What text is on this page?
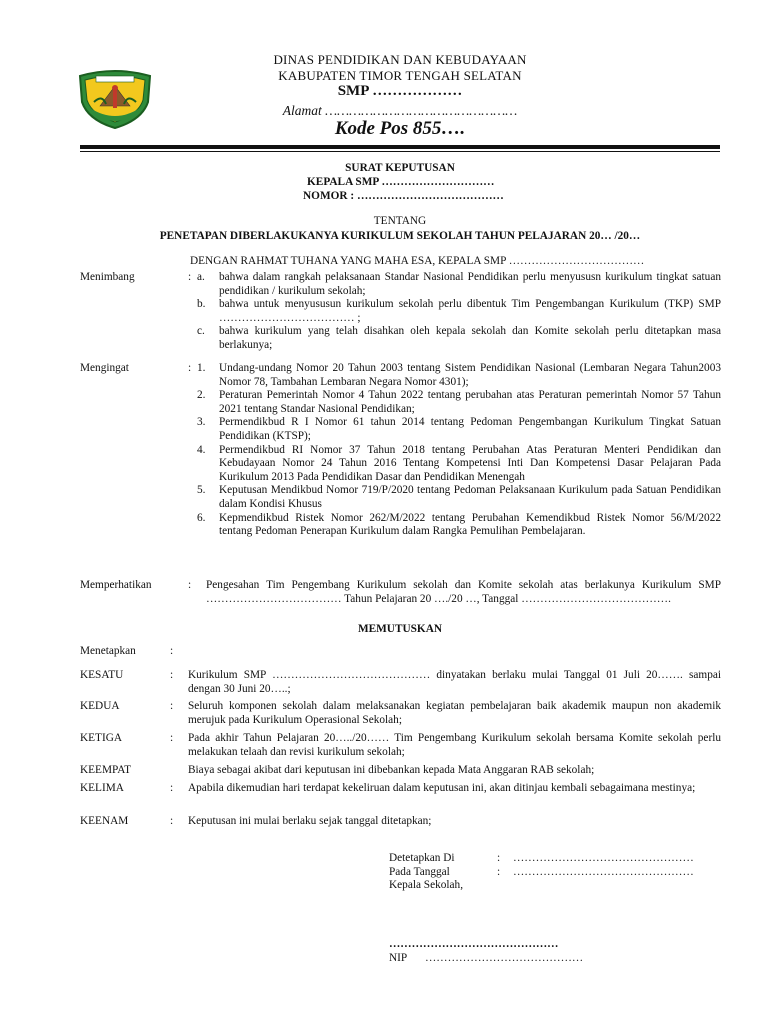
DINAS PENDIDIKAN DAN KEBUDAYAAN
KABUPATEN TIMOR TENGAH SELATAN
SMP ………………
Alamat …………………………………………
Kode Pos 855….
SURAT KEPUTUSAN
KEPALA SMP …………………………
NOMOR : …………………………………
TENTANG
PENETAPAN DIBERLAKUKANYA KURIKULUM SEKOLAH TAHUN PELAJARAN 20… /20…
DENGAN RAHMAT TUHANA YANG MAHA ESA, KEPALA SMP ………………………………
Menimbang	: a. bahwa dalam rangkah pelaksanaan Standar Nasional Pendidikan perlu menyususn kurikulum tingkat satuan pendidikan / kurikulum sekolah;
b. bahwa untuk menyususun kurikulum sekolah perlu dibentuk Tim Pengembangan Kurikulum (TKP) SMP ……………………………… ;
c. bahwa kurikulum yang telah disahkan oleh kepala sekolah dan Komite sekolah perlu ditetapkan masa berlakunya;
Mengingat	: 1. Undang-undang Nomor 20 Tahun 2003 tentang Sistem Pendidikan Nasional (Lembaran Negara Tahun2003 Nomor 78, Tambahan Lembaran Negara Nomor 4301);
2. Peraturan Pemerintah Nomor 4 Tahun 2022 tentang perubahan atas Peraturan pemerintah Nomor 57 Tahun 2021 tentang Standar Nasional Pendidikan;
3. Permendikbud R I Nomor 61 tahun 2014 tentang Pedoman Pengembangan Kurikulum Tingkat Satuan Pendidikan (KTSP);
4. Permendikbud RI Nomor 37 Tahun 2018 tentang Perubahan Atas Peraturan Menteri Pendidikan dan Kebudayaan Nomor 24 Tahun 2016 Tentang Kompetensi Inti Dan Kompetensi Dasar Pelajaran Pada Kurikulum 2013 Pada Pendidikan Dasar dan Pendidikan Menengah
5. Keputusan Mendikbud Nomor 719/P/2020 tentang Pedoman Pelaksanaan Kurikulum pada Satuan Pendidikan dalam Kondisi Khusus
6. Kepmendikbud Ristek Nomor 262/M/2022 tentang Perubahan Kemendikbud Ristek Nomor 56/M/2022 tentang Pedoman Penerapan Kurikulum dalam Rangka Pemulihan Pembelajaran.
Memperhatikan	: Pengesahan Tim Pengembang Kurikulum sekolah dan Komite sekolah atas berlakunya Kurikulum SMP ……………………………… Tahun Pelajaran 20 …./20 …, Tanggal ………………………………….
MEMUTUSKAN
Menetapkan	:
KESATU	: Kurikulum SMP …………………………………… dinyatakan berlaku mulai Tanggal 01 Juli 20……. sampai dengan 30 Juni 20…..;
KEDUA	: Seluruh komponen sekolah dalam melaksanakan kegiatan pembelajaran baik akademik maupun non akademik merujuk pada Kurikulum Operasional Sekolah;
KETIGA	: Pada akhir Tahun Pelajaran 20…../20…… Tim Pengembang Kurikulum sekolah bersama Komite sekolah perlu melakukan telaah dan revisi kurikulum sekolah;
KEEMPAT	Biaya sebagai akibat dari keputusan ini dibebankan kepada Mata Anggaran RAB sekolah;
KELIMA	: Apabila dikemudian hari terdapat kekeliruan dalam keputusan ini, akan ditinjau kembali sebagaimana mestinya;
KEENAM	: Keputusan ini mulai berlaku sejak tanggal ditetapkan;
Detetapkan Di	:	…………………………………………
Pada Tanggal	:	…………………………………………
Kepala Sekolah,		
………………………………………
NIP ……………………………………
